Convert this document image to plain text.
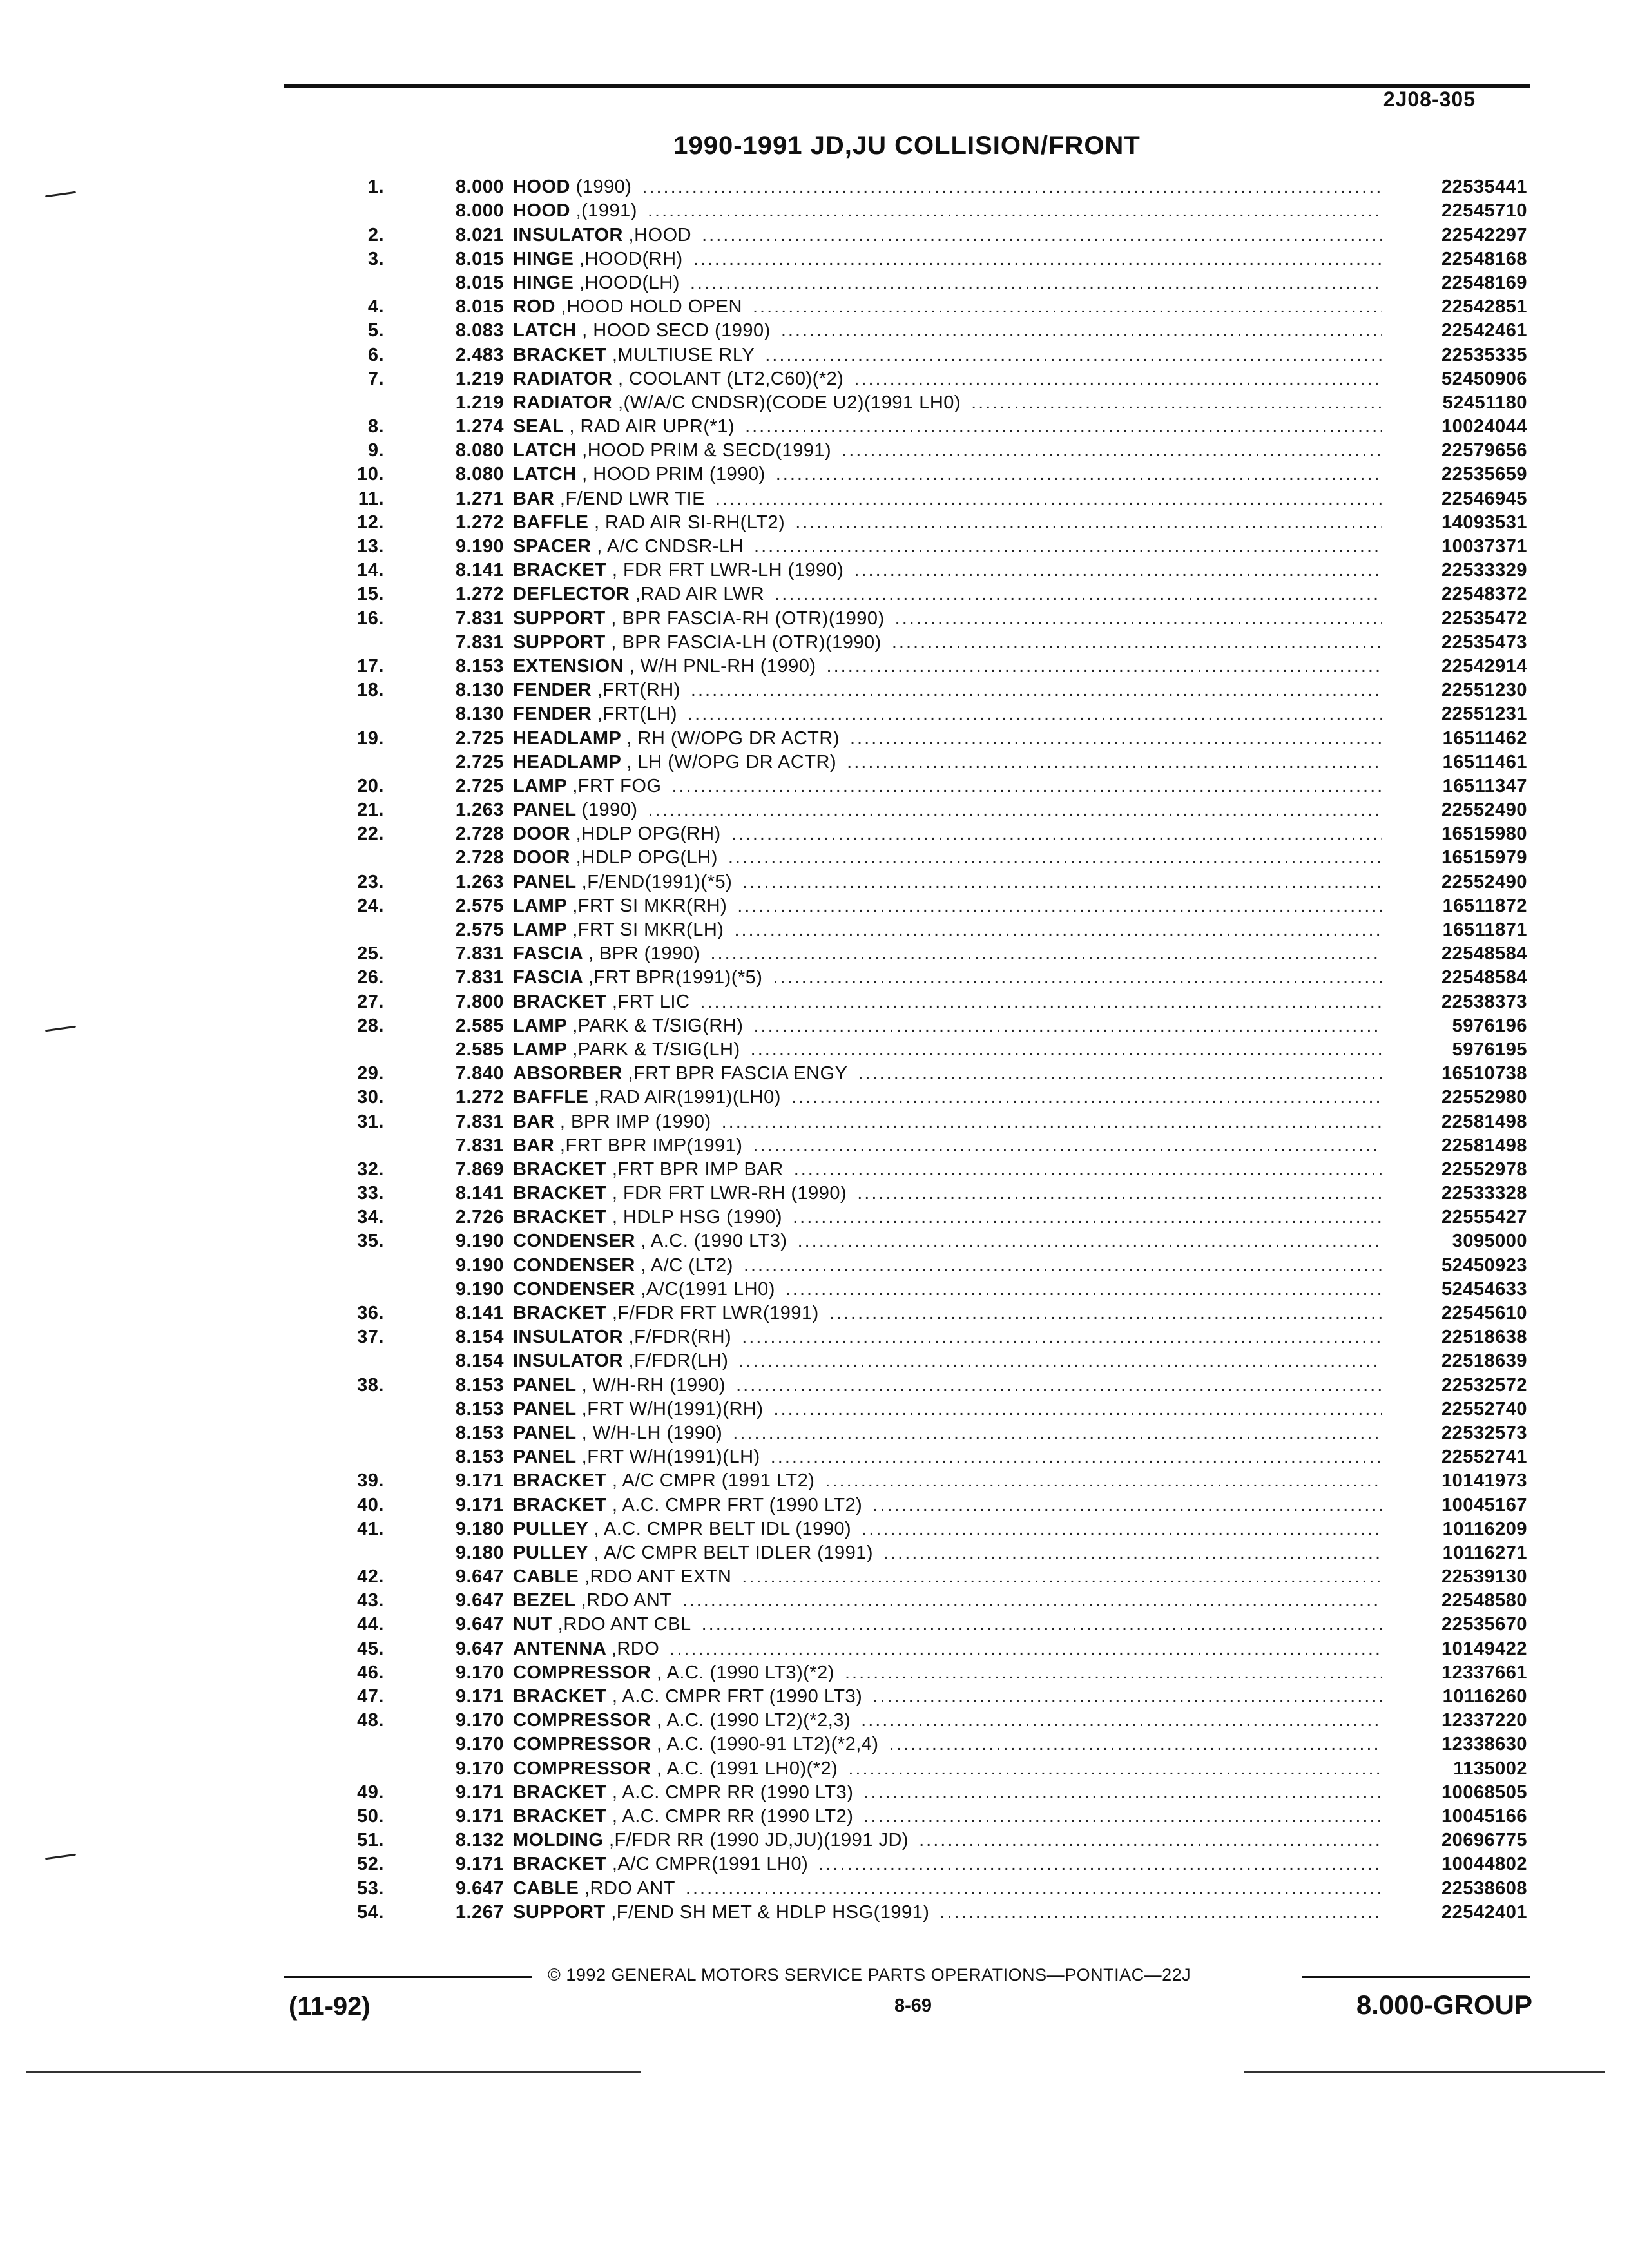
2J08-305
1990-1991 JD,JU COLLISION/FRONT
1.	8.000 HOOD (1990) .....	22535441
8.000 HOOD ,(1991) .....	22545710
2.	8.021 INSULATOR ,HOOD .....	22542297
3.	8.015 HINGE ,HOOD(RH) .....	22548168
8.015 HINGE ,HOOD(LH) .....	22548169
4.	8.015 ROD ,HOOD HOLD OPEN .....	22542851
5.	8.083 LATCH , HOOD SECD (1990) .....	22542461
6.	2.483 BRACKET ,MULTIUSE RLY .....	22535335
7.	1.219 RADIATOR , COOLANT (LT2,C60)(*2) .....	52450906
1.219 RADIATOR ,(W/A/C CNDSR)(CODE U2)(1991 LH0) .....	52451180
8.	1.274 SEAL , RAD AIR UPR(*1) .....	10024044
9.	8.080 LATCH ,HOOD PRIM & SECD(1991) .....	22579656
10.	8.080 LATCH , HOOD PRIM (1990) .....	22535659
11.	1.271 BAR ,F/END LWR TIE .....	22546945
12.	1.272 BAFFLE , RAD AIR SI-RH(LT2) .....	14093531
13.	9.190 SPACER , A/C CNDSR-LH .....	10037371
14.	8.141 BRACKET , FDR FRT LWR-LH (1990) .....	22533329
15.	1.272 DEFLECTOR ,RAD AIR LWR .....	22548372
16.	7.831 SUPPORT , BPR FASCIA-RH (OTR)(1990) .....	22535472
7.831 SUPPORT , BPR FASCIA-LH (OTR)(1990) .....	22535473
17.	8.153 EXTENSION , W/H PNL-RH (1990) .....	22542914
18.	8.130 FENDER ,FRT(RH) .....	22551230
8.130 FENDER ,FRT(LH) .....	22551231
19.	2.725 HEADLAMP , RH (W/OPG DR ACTR) .....	16511462
2.725 HEADLAMP , LH (W/OPG DR ACTR) .....	16511461
20.	2.725 LAMP ,FRT FOG .....	16511347
21.	1.263 PANEL (1990) .....	22552490
22.	2.728 DOOR ,HDLP OPG(RH) .....	16515980
2.728 DOOR ,HDLP OPG(LH) .....	16515979
23.	1.263 PANEL ,F/END(1991)(*5) .....	22552490
24.	2.575 LAMP ,FRT SI MKR(RH) .....	16511872
2.575 LAMP ,FRT SI MKR(LH) .....	16511871
25.	7.831 FASCIA , BPR (1990) .....	22548584
26.	7.831 FASCIA ,FRT BPR(1991)(*5) .....	22548584
27.	7.800 BRACKET ,FRT LIC .....	22538373
28.	2.585 LAMP ,PARK & T/SIG(RH) .....	5976196
2.585 LAMP ,PARK & T/SIG(LH) .....	5976195
29.	7.840 ABSORBER ,FRT BPR FASCIA ENGY .....	16510738
30.	1.272 BAFFLE ,RAD AIR(1991)(LH0) .....	22552980
31.	7.831 BAR , BPR IMP (1990) .....	22581498
7.831 BAR ,FRT BPR IMP(1991) .....	22581498
32.	7.869 BRACKET ,FRT BPR IMP BAR .....	22552978
33.	8.141 BRACKET , FDR FRT LWR-RH (1990) .....	22533328
34.	2.726 BRACKET , HDLP HSG (1990) .....	22555427
35.	9.190 CONDENSER , A.C. (1990 LT3) .....	3095000
9.190 CONDENSER , A/C (LT2) .....	52450923
9.190 CONDENSER ,A/C(1991 LH0) .....	52454633
36.	8.141 BRACKET ,F/FDR FRT LWR(1991) .....	22545610
37.	8.154 INSULATOR ,F/FDR(RH) .....	22518638
8.154 INSULATOR ,F/FDR(LH) .....	22518639
38.	8.153 PANEL , W/H-RH (1990) .....	22532572
8.153 PANEL ,FRT W/H(1991)(RH) .....	22552740
8.153 PANEL , W/H-LH (1990) .....	22532573
8.153 PANEL ,FRT W/H(1991)(LH) .....	22552741
39.	9.171 BRACKET , A/C CMPR (1991 LT2) .....	10141973
40.	9.171 BRACKET , A.C. CMPR FRT (1990 LT2) .....	10045167
41.	9.180 PULLEY , A.C. CMPR BELT IDL (1990) .....	10116209
9.180 PULLEY , A/C CMPR BELT IDLER (1991) .....	10116271
42.	9.647 CABLE ,RDO ANT EXTN .....	22539130
43.	9.647 BEZEL ,RDO ANT .....	22548580
44.	9.647 NUT ,RDO ANT CBL .....	22535670
45.	9.647 ANTENNA ,RDO .....	10149422
46.	9.170 COMPRESSOR , A.C. (1990 LT3)(*2) .....	12337661
47.	9.171 BRACKET , A.C. CMPR FRT (1990 LT3) .....	10116260
48.	9.170 COMPRESSOR , A.C. (1990 LT2)(*2,3) .....	12337220
9.170 COMPRESSOR , A.C. (1990-91 LT2)(*2,4) .....	12338630
9.170 COMPRESSOR , A.C. (1991 LH0)(*2) .....	1135002
49.	9.171 BRACKET , A.C. CMPR RR (1990 LT3) .....	10068505
50.	9.171 BRACKET , A.C. CMPR RR (1990 LT2) .....	10045166
51.	8.132 MOLDING ,F/FDR RR (1990 JD,JU)(1991 JD) .....	20696775
52.	9.171 BRACKET ,A/C CMPR(1991 LH0) .....	10044802
53.	9.647 CABLE ,RDO ANT .....	22538608
54.	1.267 SUPPORT ,F/END SH MET & HDLP HSG(1991) .....	22542401
© 1992 GENERAL MOTORS SERVICE PARTS OPERATIONS—PONTIAC—22J
(11-92)	8-69	8.000-GROUP
